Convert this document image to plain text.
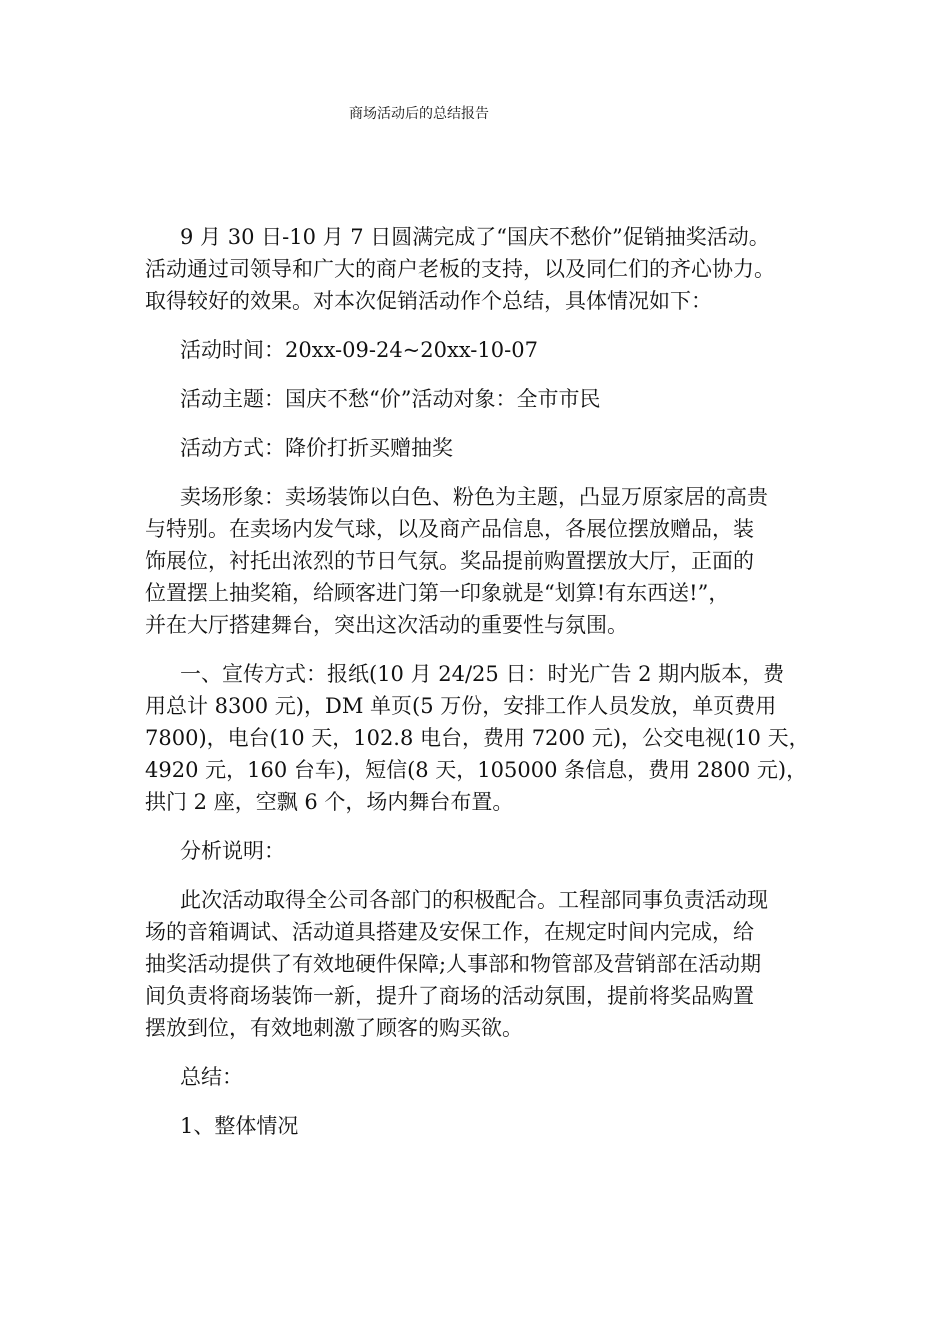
商场活动后的总结报告

9 月 30 日-10 月 7 日圆满完成了“国庆不愁价”促销抽奖活动。
活动通过司领导和广大的商户老板的支持，以及同仁们的齐心协力。
取得较好的效果。对本次促销活动作个总结，具体情况如下：

活动时间：20xx-09-24~20xx-10-07

活动主题：国庆不愁“价”活动对象：全市市民

活动方式：降价打折买赠抽奖

卖场形象：卖场装饰以白色、粉色为主题，凸显万原家居的高贵
与特别。在卖场内发气球，以及商产品信息，各展位摆放赠品，装
饰展位，衬托出浓烈的节日气氛。奖品提前购置摆放大厅，正面的
位置摆上抽奖箱，给顾客进门第一印象就是“划算!有东西送!”，
并在大厅搭建舞台，突出这次活动的重要性与氛围。

一、宣传方式：报纸(10 月 24/25 日：时光广告 2 期内版本，费
用总计 8300 元)，DM 单页(5 万份，安排工作人员发放，单页费用
7800)，电台(10 天，102.8 电台，费用 7200 元)，公交电视(10 天，
4920 元，160 台车)，短信(8 天，105000 条信息，费用 2800 元)，
拱门 2 座，空飘 6 个，场内舞台布置。

分析说明：

此次活动取得全公司各部门的积极配合。工程部同事负责活动现
场的音箱调试、活动道具搭建及安保工作，在规定时间内完成，给
抽奖活动提供了有效地硬件保障;人事部和物管部及营销部在活动期
间负责将商场装饰一新，提升了商场的活动氛围，提前将奖品购置
摆放到位，有效地刺激了顾客的购买欲。

总结：

1、整体情况
